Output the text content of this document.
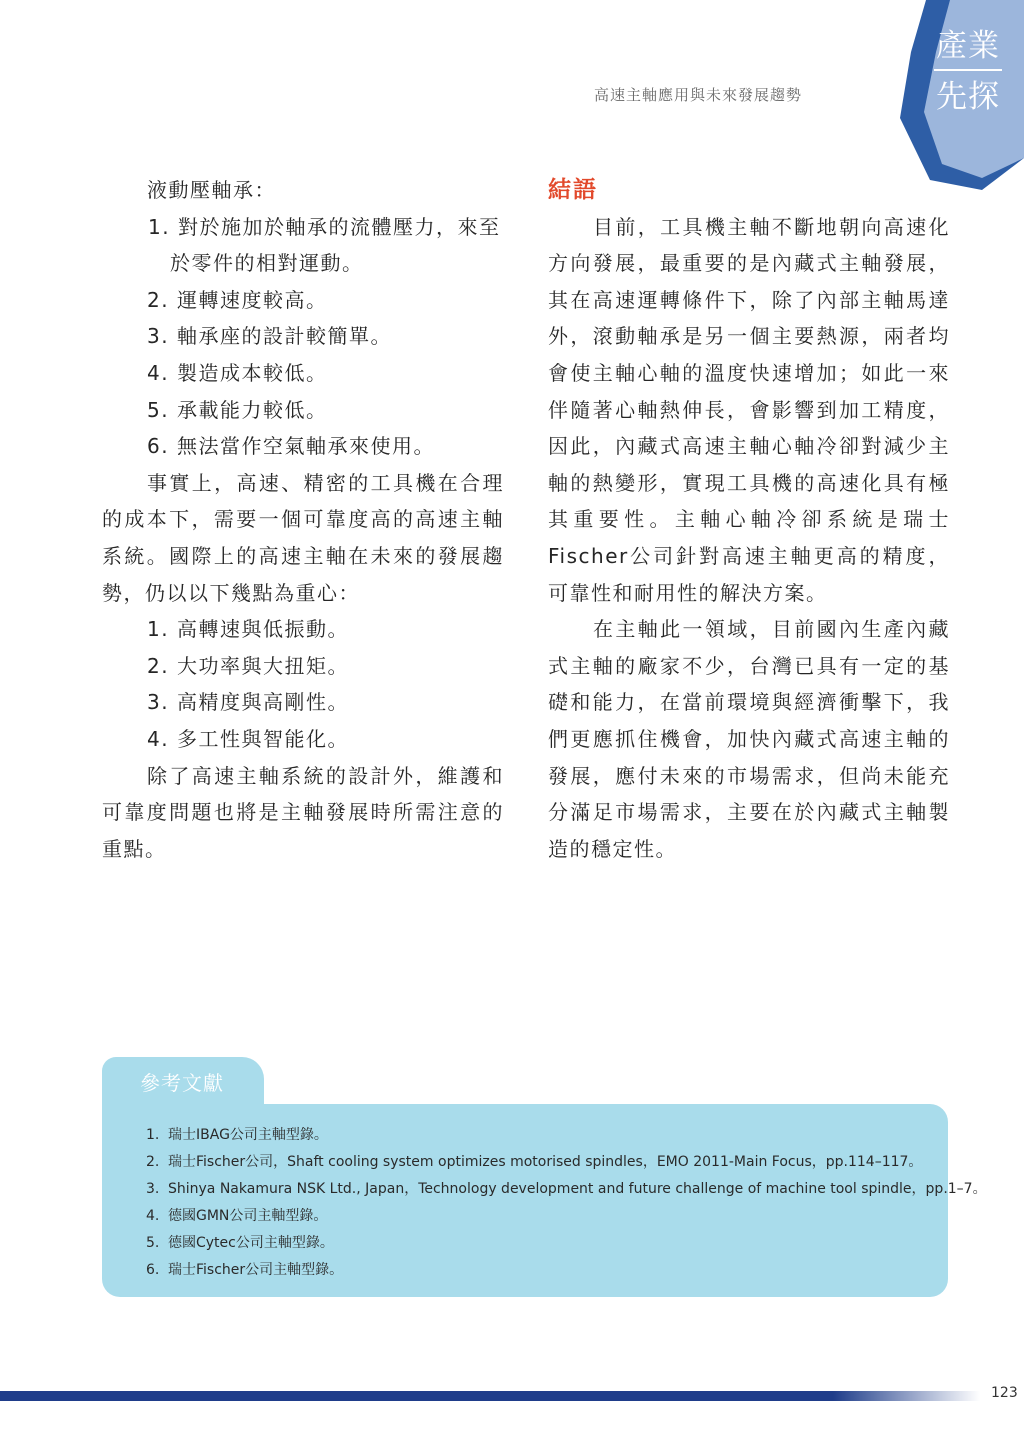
產業
先探
高速主軸應用與未來發展趨勢

液動壓軸承：

1. 對於施加於軸承的流體壓力，來至於零件的相對運動。

2. 運轉速度較高。

3. 軸承座的設計較簡單。

4. 製造成本較低。

5. 承載能力較低。

6. 無法當作空氣軸承來使用。

事實上，高速、精密的工具機在合理的成本下，需要一個可靠度高的高速主軸系統。國際上的高速主軸在未來的發展趨勢，仍以以下幾點為重心：

1. 高轉速與低振動。

2. 大功率與大扭矩。

3. 高精度與高剛性。

4. 多工性與智能化。

除了高速主軸系統的設計外，維護和可靠度問題也將是主軸發展時所需注意的重點。

結語

目前，工具機主軸不斷地朝向高速化方向發展，最重要的是內藏式主軸發展，其在高速運轉條件下，除了內部主軸馬達外，滾動軸承是另一個主要熱源，兩者均會使主軸心軸的溫度快速增加；如此一來伴隨著心軸熱伸長，會影響到加工精度，因此，內藏式高速主軸心軸冷卻對減少主軸的熱變形，實現工具機的高速化具有極其重要性。主軸心軸冷卻系統是瑞士Fischer公司針對高速主軸更高的精度，可靠性和耐用性的解決方案。

在主軸此一領域，目前國內生產內藏式主軸的廠家不少，台灣已具有一定的基礎和能力，在當前環境與經濟衝擊下，我們更應抓住機會，加快內藏式高速主軸的發展，應付未來的市場需求，但尚未能充分滿足市場需求，主要在於內藏式主軸製造的穩定性。

參考文獻
1. 瑞士IBAG公司主軸型錄。
2. 瑞士Fischer公司，Shaft cooling system optimizes motorised spindles，EMO 2011-Main Focus，pp.114–117。
3. Shinya Nakamura NSK Ltd., Japan，Technology development and future challenge of machine tool spindle，pp.1–7。
4. 德國GMN公司主軸型錄。
5. 德國Cytec公司主軸型錄。
6. 瑞士Fischer公司主軸型錄。
123
